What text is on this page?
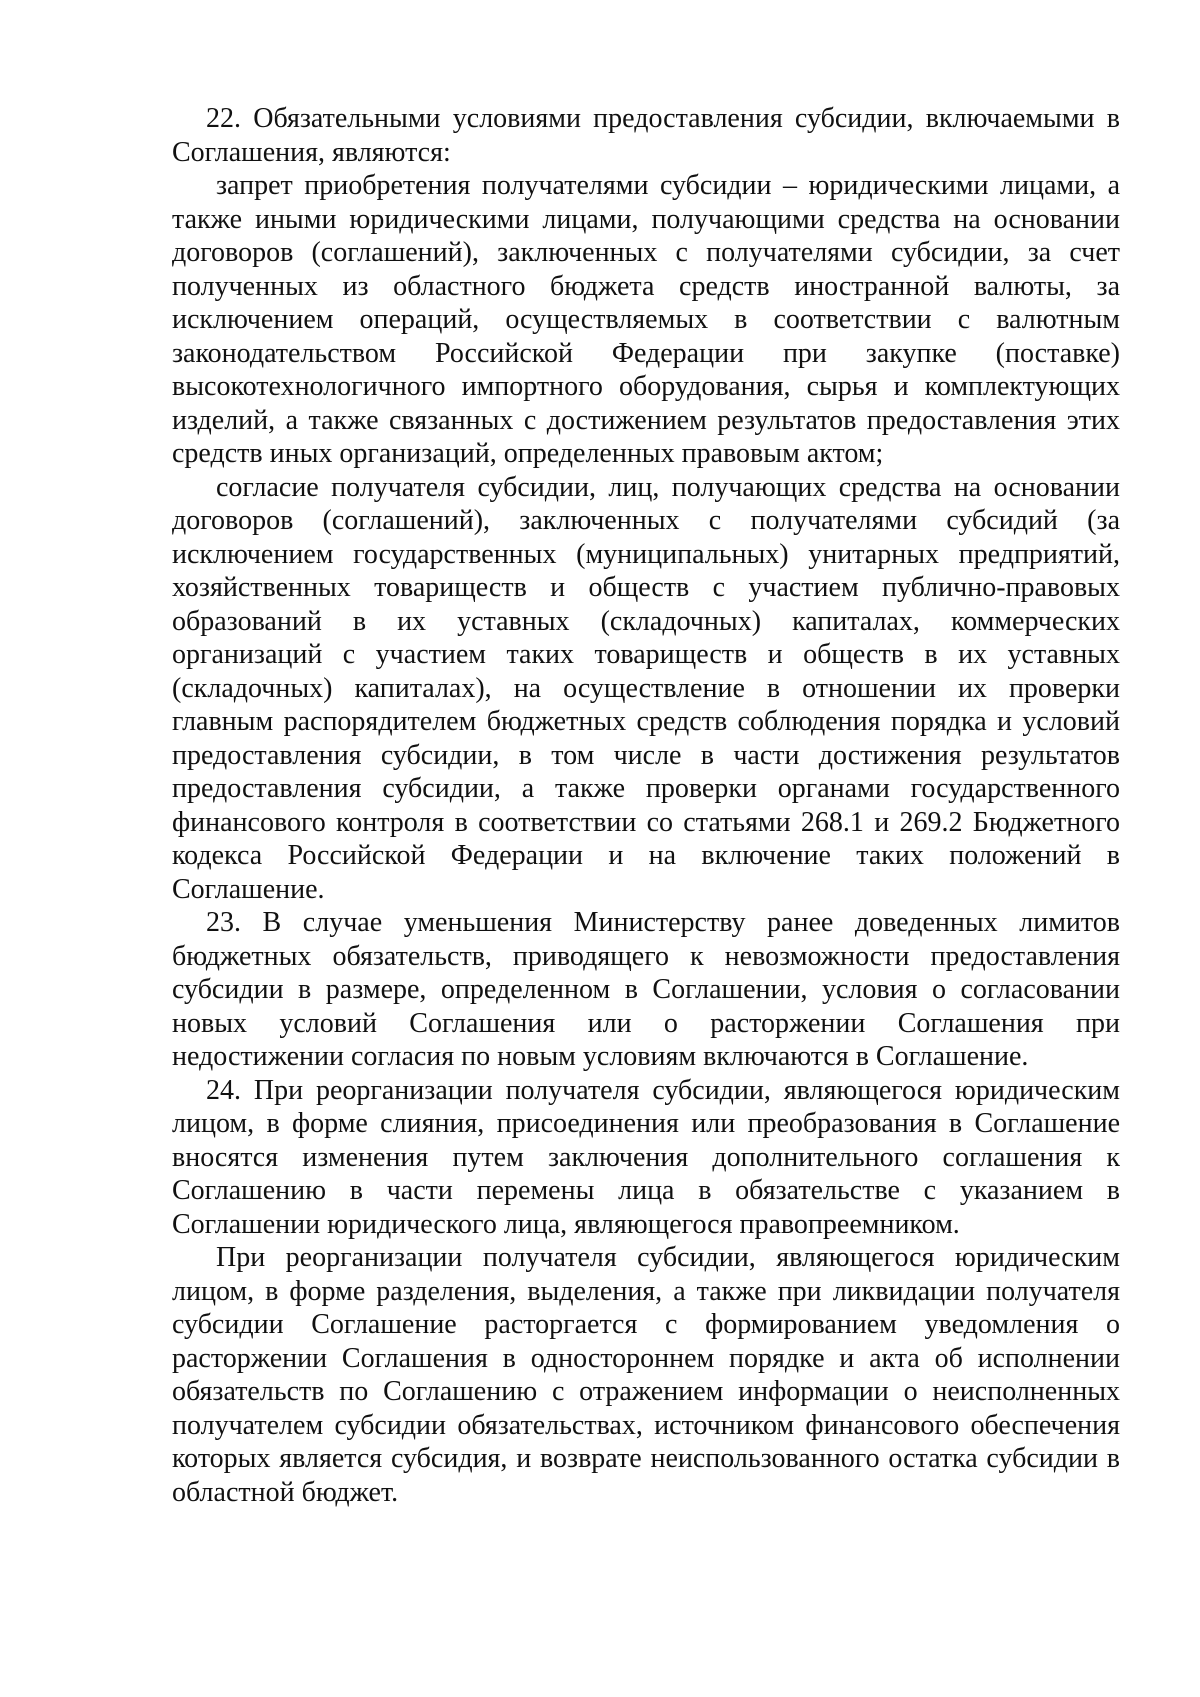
22. Обязательными условиями предоставления субсидии, включаемыми в Соглашения, являются:

запрет приобретения получателями субсидии – юридическими лицами, а также иными юридическими лицами, получающими средства на основании договоров (соглашений), заключенных с получателями субсидии, за счет полученных из областного бюджета средств иностранной валюты, за исключением операций, осуществляемых в соответствии с валютным законодательством Российской Федерации при закупке (поставке) высокотехнологичного импортного оборудования, сырья и комплектующих изделий, а также связанных с достижением результатов предоставления этих средств иных организаций, определенных правовым актом;

согласие получателя субсидии, лиц, получающих средства на основании договоров (соглашений), заключенных с получателями субсидий (за исключением государственных (муниципальных) унитарных предприятий, хозяйственных товариществ и обществ с участием публично-правовых образований в их уставных (складочных) капиталах, коммерческих организаций с участием таких товариществ и обществ в их уставных (складочных) капиталах), на осуществление в отношении их проверки главным распорядителем бюджетных средств соблюдения порядка и условий предоставления субсидии, в том числе в части достижения результатов предоставления субсидии, а также проверки органами государственного финансового контроля в соответствии со статьями 268.1 и 269.2 Бюджетного кодекса Российской Федерации и на включение таких положений в Соглашение.

23. В случае уменьшения Министерству ранее доведенных лимитов бюджетных обязательств, приводящего к невозможности предоставления субсидии в размере, определенном в Соглашении, условия о согласовании новых условий Соглашения или о расторжении Соглашения при недостижении согласия по новым условиям включаются в Соглашение.

24. При реорганизации получателя субсидии, являющегося юридическим лицом, в форме слияния, присоединения или преобразования в Соглашение вносятся изменения путем заключения дополнительного соглашения к Соглашению в части перемены лица в обязательстве с указанием в Соглашении юридического лица, являющегося правопреемником.

При реорганизации получателя субсидии, являющегося юридическим лицом, в форме разделения, выделения, а также при ликвидации получателя субсидии Соглашение расторгается с формированием уведомления о расторжении Соглашения в одностороннем порядке и акта об исполнении обязательств по Соглашению с отражением информации о неисполненных получателем субсидии обязательствах, источником финансового обеспечения которых является субсидия, и возврате неиспользованного остатка субсидии в областной бюджет.
